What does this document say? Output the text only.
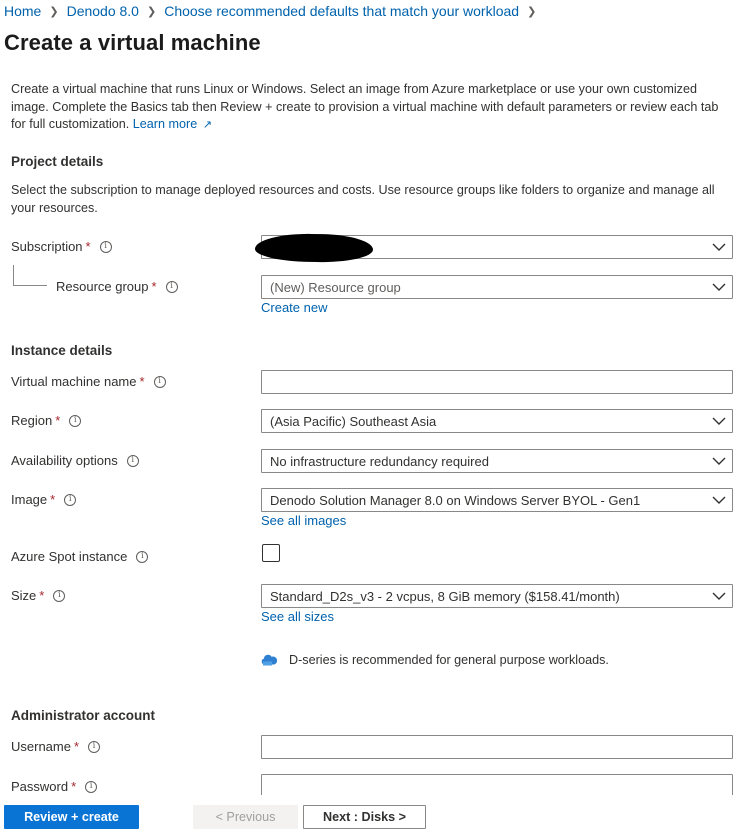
Home ❯ Denodo 8.0 ❯ Choose recommended defaults that match your workload ❯
Create a virtual machine
Create a virtual machine that runs Linux or Windows. Select an image from Azure marketplace or use your own customized image. Complete the Basics tab then Review + create to provision a virtual machine with default parameters or review each tab for full customization. Learn more ↗
Project details
Select the subscription to manage deployed resources and costs. Use resource groups like folders to organize and manage all your resources.
Subscription *	i
Resource group *	i	(New) Resource group
Create new
Instance details
Virtual machine name *	i
Region *	i	(Asia Pacific) Southeast Asia
Availability options	i	No infrastructure redundancy required
Image *	i	Denodo Solution Manager 8.0 on Windows Server BYOL - Gen1
See all images
Azure Spot instance	i
Size *	i	Standard_D2s_v3 - 2 vcpus, 8 GiB memory ($158.41/month)
See all sizes
D-series is recommended for general purpose workloads.
Administrator account
Username *	i
Password *	i
Review + create	< Previous	Next : Disks >
